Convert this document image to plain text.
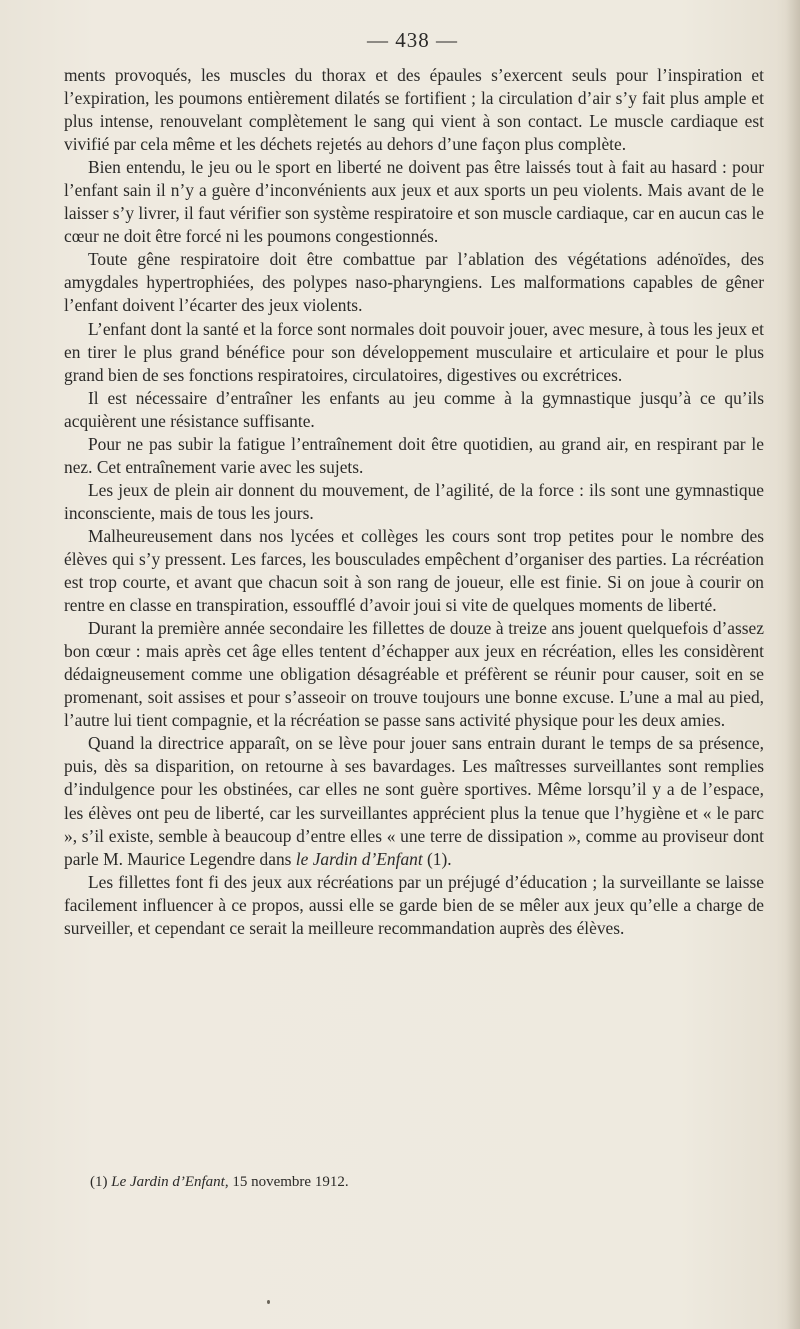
— 438 —

ments provoqués, les muscles du thorax et des épaules s’exercent seuls pour l’inspiration et l’expiration, les poumons entièrement dilatés se fortifient ; la circulation d’air s’y fait plus ample et plus intense, renouvelant complètement le sang qui vient à son contact. Le muscle cardiaque est vivifié par cela même et les déchets rejetés au dehors d’une façon plus complète.

Bien entendu, le jeu ou le sport en liberté ne doivent pas être laissés tout à fait au hasard : pour l’enfant sain il n’y a guère d’inconvénients aux jeux et aux sports un peu violents. Mais avant de le laisser s’y livrer, il faut vérifier son système respiratoire et son muscle cardiaque, car en aucun cas le cœur ne doit être forcé ni les poumons congestionnés.

Toute gêne respiratoire doit être combattue par l’ablation des végétations adénoïdes, des amygdales hypertrophiées, des polypes naso-pharyngiens. Les malformations capables de gêner l’enfant doivent l’écarter des jeux violents.

L’enfant dont la santé et la force sont normales doit pouvoir jouer, avec mesure, à tous les jeux et en tirer le plus grand bénéfice pour son développement musculaire et articulaire et pour le plus grand bien de ses fonctions respiratoires, circulatoires, digestives ou excrétrices.

Il est nécessaire d’entraîner les enfants au jeu comme à la gymnastique jusqu’à ce qu’ils acquièrent une résistance suffisante.

Pour ne pas subir la fatigue l’entraînement doit être quotidien, au grand air, en respirant par le nez. Cet entraînement varie avec les sujets.

Les jeux de plein air donnent du mouvement, de l’agilité, de la force : ils sont une gymnastique inconsciente, mais de tous les jours.

Malheureusement dans nos lycées et collèges les cours sont trop petites pour le nombre des élèves qui s’y pressent. Les farces, les bousculades empêchent d’organiser des parties. La récréation est trop courte, et avant que chacun soit à son rang de joueur, elle est finie. Si on joue à courir on rentre en classe en transpiration, essoufflé d’avoir joui si vite de quelques moments de liberté.

Durant la première année secondaire les fillettes de douze à treize ans jouent quelquefois d’assez bon cœur : mais après cet âge elles tentent d’échapper aux jeux en récréation, elles les considèrent dédaigneusement comme une obligation désagréable et préfèrent se réunir pour causer, soit en se promenant, soit assises et pour s’asseoir on trouve toujours une bonne excuse. L’une a mal au pied, l’autre lui tient compagnie, et la récréation se passe sans activité physique pour les deux amies.

Quand la directrice apparaît, on se lève pour jouer sans entrain durant le temps de sa présence, puis, dès sa disparition, on retourne à ses bavardages. Les maîtresses surveillantes sont remplies d’indulgence pour les obstinées, car elles ne sont guère sportives. Même lorsqu’il y a de l’espace, les élèves ont peu de liberté, car les surveillantes apprécient plus la tenue que l’hygiène et « le parc », s’il existe, semble à beaucoup d’entre elles « une terre de dissipation », comme au proviseur dont parle M. Maurice Legendre dans le Jardin d’Enfant (1).

Les fillettes font fi des jeux aux récréations par un préjugé d’éducation ; la surveillante se laisse facilement influencer à ce propos, aussi elle se garde bien de se mêler aux jeux qu’elle a charge de surveiller, et cependant ce serait la meilleure recommandation auprès des élèves.

(1) Le Jardin d’Enfant, 15 novembre 1912.
